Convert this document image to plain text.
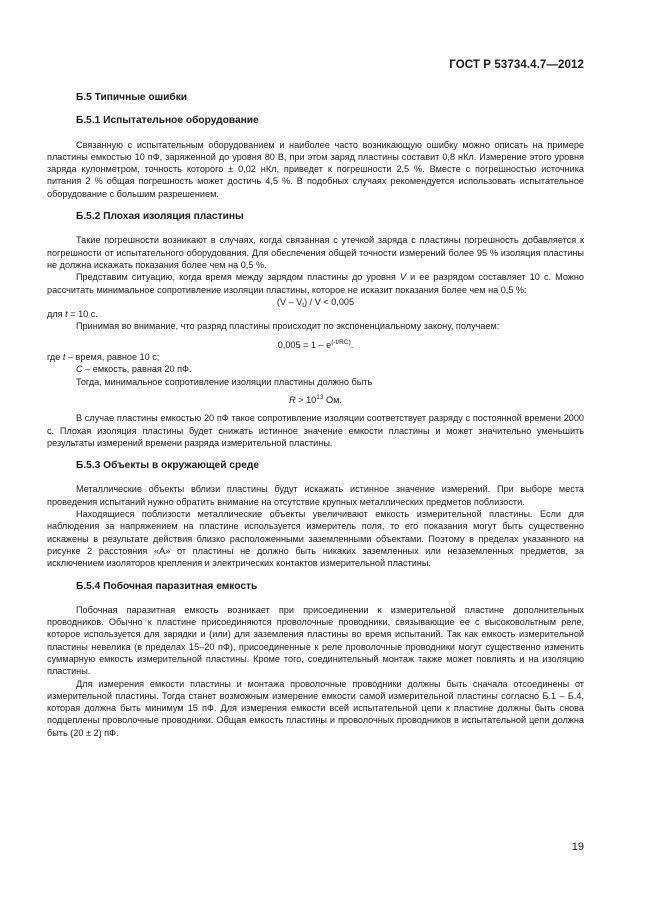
ГОСТ Р 53734.4.7—2012

Б.5 Типичные ошибки

Б.5.1 Испытательное оборудование

Связанную с испытательным оборудованием и наиболее часто возникающую ошибку можно описать на примере пластины емкостью 10 пФ, заряженной до уровня 80 В, при этом заряд пластины составит 0,8 нКл. Измерение этого уровня заряда кулонметром, точность которого ± 0,02 нКл, приведет к погрешности 2,5 %. Вместе с погрешностью источника питания 2 % общая погрешность может достичь 4,5 %. В подобных случаях рекомендуется использовать испытательное оборудование с большим разрешением.

Б.5.2 Плохая изоляция пластины

Такие погрешности возникают в случаях, когда связанная с утечкой заряда с пластины погрешность добавляется к погрешности от испытательного оборудования. Для обеспечения общей точности измерений более 95 % изоляция пластины не должна искажать показания более чем на 0,5 %.

Представим ситуацию, когда время между зарядом пластины до уровня V и ее разрядом составляет 10 с. Можно рассчитать минимальное сопротивление изоляции пластины, которое не исказит показания более чем на 0,5 %:

$(V - V_t) / V < 0,005$

для t = 10 с.

Принимая во внимание, что разряд пластины происходит по экспоненциальному закону, получаем:

$0,005 = 1 - e^{(-t/RC)}$.

где t – время, равное 10 с;

C – емкость, равная 20 пФ.

Тогда, минимальное сопротивление изоляции пластины должно быть

$R > 10^{13}$ Ом.

В случае пластины емкостью 20 пФ такое сопротивление изоляции соответствует разряду с постоянной времени 2000 с. Плохая изоляция пластины будет снижать истинное значение емкости пластины и может значительно уменьшить результаты измерений времени разряда измерительной пластины.

Б.5.3 Объекты в окружающей среде

Металлические объекты вблизи пластины будут искажать истинное значение измерений. При выборе места проведения испытаний нужно обратить внимание на отсутствие крупных металлических предметов поблизости.

Находящиеся поблизости металлические объекты увеличивают емкость измерительной пластины. Если для наблюдения за напряжением на пластине используется измеритель поля, то его показания могут быть существенно искажены в результате действия близко расположенными заземленными объектами. Поэтому в пределах указанного на рисунке 2 расстояния «А» от пластины не должно быть никаких заземленных или незаземленных предметов, за исключением изоляторов крепления и электрических контактов измерительной пластины.

Б.5.4 Побочная паразитная емкость

Побочная паразитная емкость возникает при присоединении к измерительной пластине дополнительных проводников. Обычно к пластине присоединяются проволочные проводники, связывающие ее с высоковольтным реле, которое используется для зарядки и (или) для заземления пластины во время испытаний. Так как емкость измерительной пластины невелика (в пределах 15–20 пФ), присоединенные к реле проволочные проводники могут существенно изменить суммарную емкость измерительной пластины. Кроме того, соединительный монтаж также может повлиять и на изоляцию пластины.

Для измерения емкости пластины и монтажа проволочные проводники должны быть сначала отсоединены от измерительной пластины. Тогда станет возможным измерение емкости самой измерительной пластины согласно Б.1 – Б.4, которая должна быть минимум 15 пФ. Для измерения емкости всей испытательной цепи к пластине должны быть снова подцеплены проволочные проводники. Общая емкость пластины и проволочных проводников в испытательной цепи должна быть (20 ± 2) пФ.

19
